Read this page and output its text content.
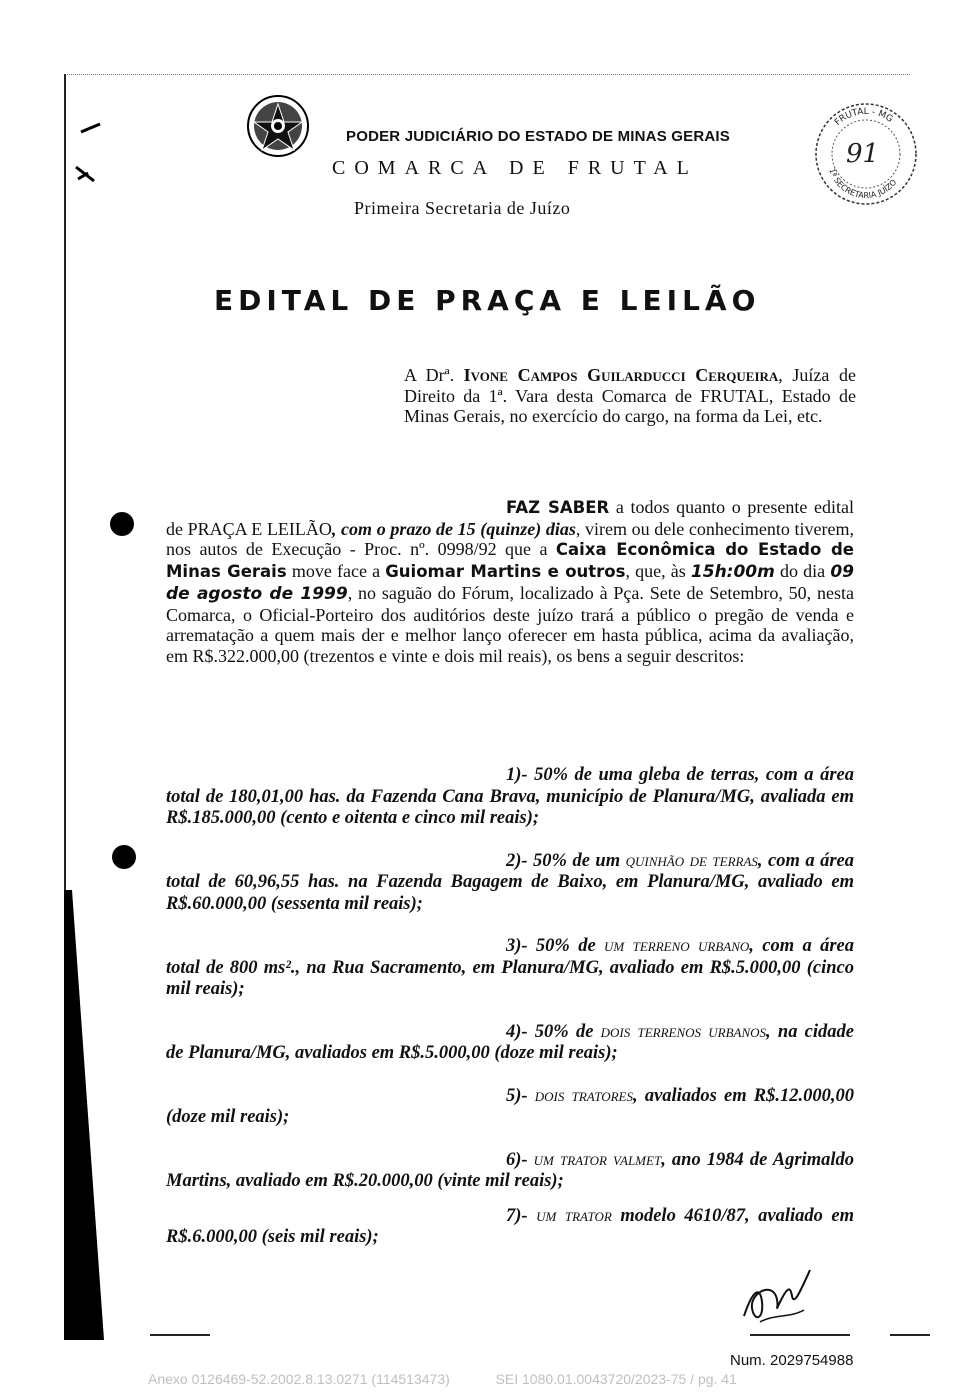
PODER JUDICIÁRIO DO ESTADO DE MINAS GERAIS
COMARCA DE FRUTAL
Primeira Secretaria de Juízo
FRUTAL - MG
1ª SECRETARIA JUÍZO
91
EDITAL DE PRAÇA E LEILÃO
A Drª. Ivone Campos Guilarducci Cerqueira, Juíza de Direito da 1ª. Vara desta Comarca de FRUTAL, Estado de Minas Gerais, no exercício do cargo, na forma da Lei, etc.
FAZ SABER a todos quanto o presente edital de PRAÇA E LEILÃO, com o prazo de 15 (quinze) dias, virem ou dele conhecimento tiverem, nos autos de Execução - Proc. nº. 0998/92 que a Caixa Econômica do Estado de Minas Gerais move face a Guiomar Martins e outros, que, às 15h:00m do dia 09 de agosto de 1999, no saguão do Fórum, localizado à Pça. Sete de Setembro, 50, nesta Comarca, o Oficial-Porteiro dos auditórios deste juízo trará a público o pregão de venda e arrematação a quem mais der e melhor lanço oferecer em hasta pública, acima da avaliação, em R$.322.000,00 (trezentos e vinte e dois mil reais), os bens a seguir descritos:
1)- 50% de uma gleba de terras, com a área total de 180,01,00 has. da Fazenda Cana Brava, município de Planura/MG, avaliada em R$.185.000,00 (cento e oitenta e cinco mil reais);
2)- 50% de um quinhão de terras, com a área total de 60,96,55 has. na Fazenda Bagagem de Baixo, em Planura/MG, avaliado em R$.60.000,00 (sessenta mil reais);
3)- 50% de um terreno urbano, com a área total de 800 ms²., na Rua Sacramento, em Planura/MG, avaliado em R$.5.000,00 (cinco mil reais);
4)- 50% de dois terrenos urbanos, na cidade de Planura/MG, avaliados em R$.5.000,00 (doze mil reais);
5)- dois tratores, avaliados em R$.12.000,00 (doze mil reais);
6)- um trator valmet, ano 1984 de Agrimaldo Martins, avaliado em R$.20.000,00 (vinte mil reais);
7)- um trator modelo 4610/87, avaliado em R$.6.000,00 (seis mil reais);
Num. 2029754988
Anexo 0126469-52.2002.8.13.0271 (114513473)	SEI 1080.01.0043720/2023-75 / pg. 41
